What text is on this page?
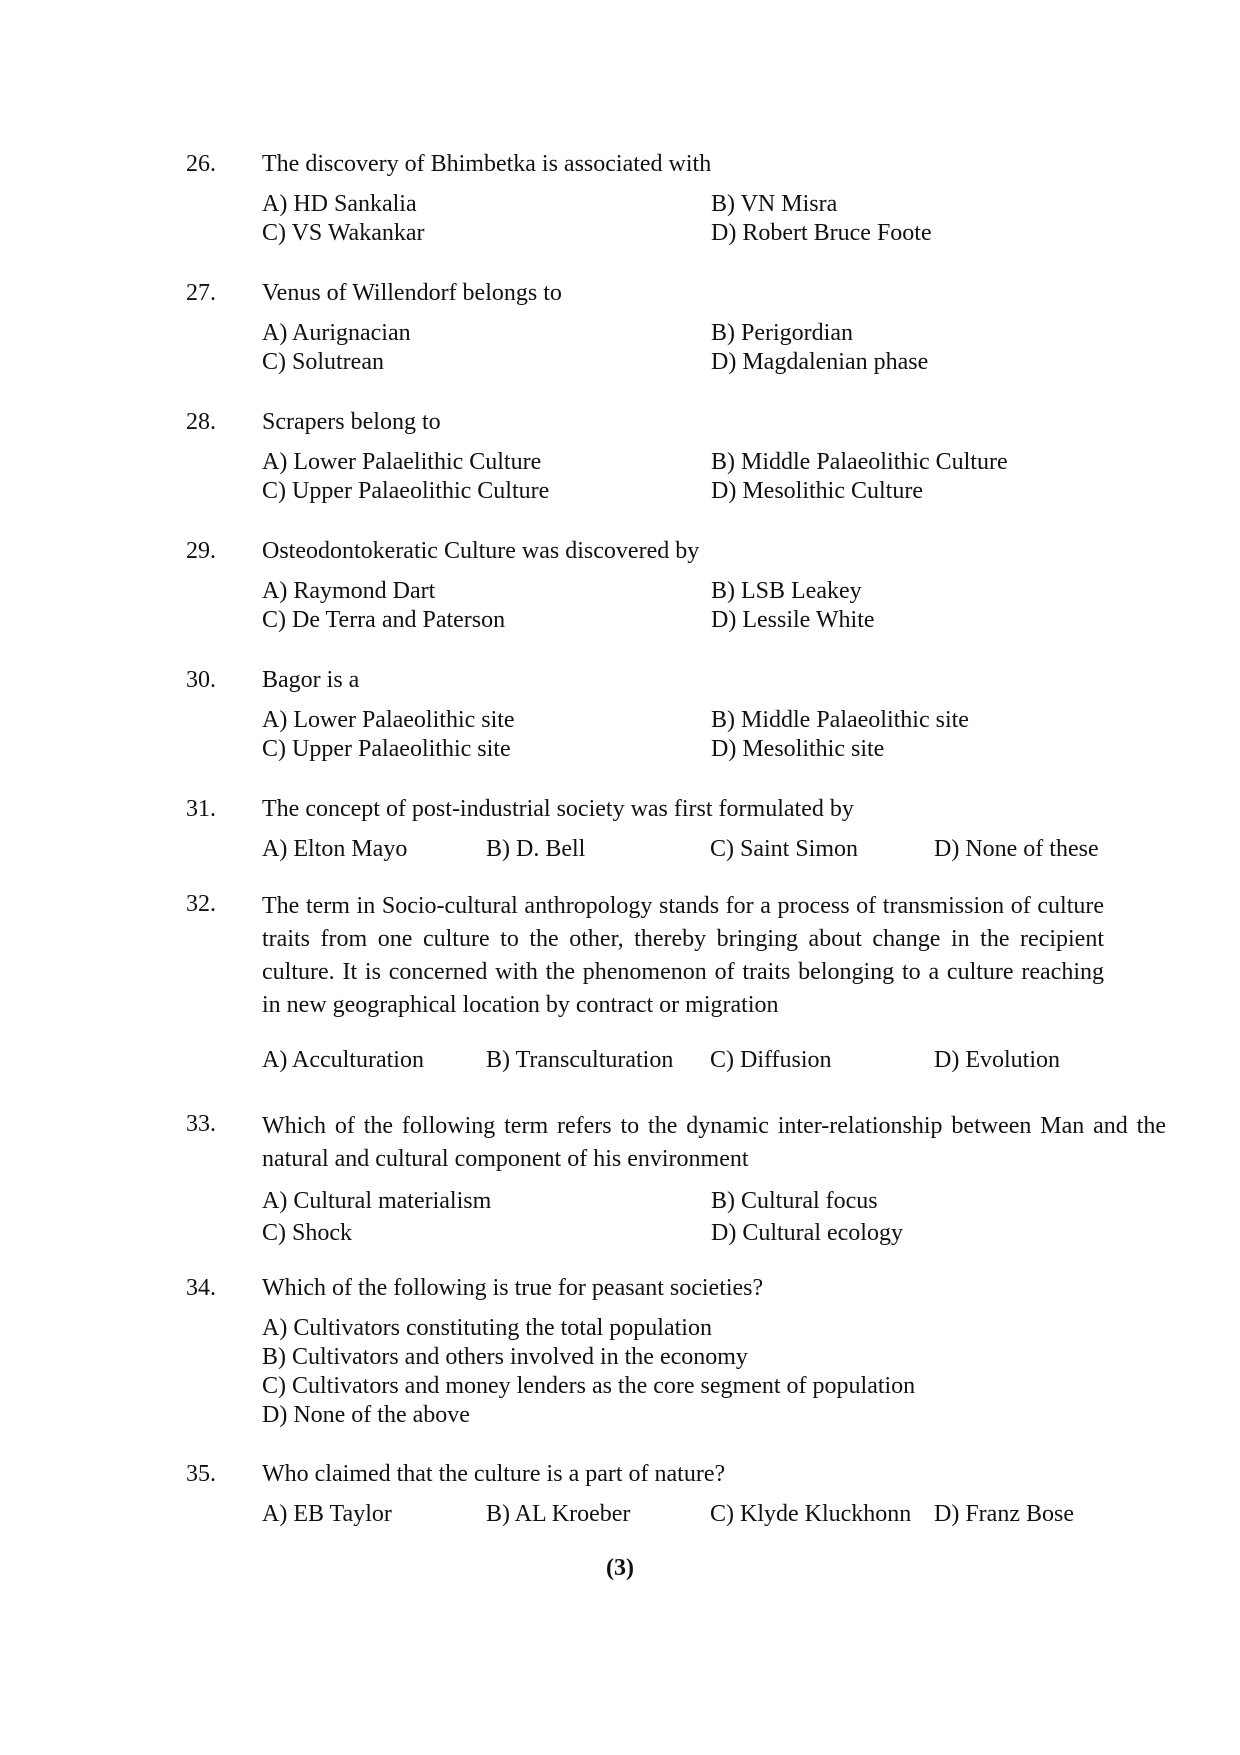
26.	The discovery of Bhimbetka is associated with
A) HD Sankalia	B) VN Misra
C) VS Wakankar	D) Robert Bruce Foote
27.	Venus of Willendorf belongs to
A) Aurignacian	B) Perigordian
C) Solutrean	D) Magdalenian phase
28.	Scrapers belong to
A) Lower Palaelithic Culture	B) Middle Palaeolithic Culture
C) Upper Palaeolithic Culture	D) Mesolithic Culture
29.	Osteodontokeratic Culture was discovered by
A) Raymond Dart	B) LSB Leakey
C) De Terra and Paterson	D) Lessile White
30.	Bagor is a
A) Lower Palaeolithic site	B) Middle Palaeolithic site
C) Upper Palaeolithic site	D) Mesolithic site
31.	The concept of post-industrial society was first formulated by
A) Elton Mayo	B) D. Bell	C) Saint Simon	D) None of these
32.	The term in Socio-cultural anthropology stands for a process of transmission of culture traits from one culture to the other, thereby bringing about change in the recipient culture. It is concerned with the phenomenon of traits belonging to a culture reaching in new geographical location by contract or migration
A) Acculturation	B) Transculturation	C) Diffusion	D) Evolution
33.	Which of the following term refers to the dynamic inter-relationship between Man and the natural and cultural component of his environment
A) Cultural materialism	B) Cultural focus
C) Shock	D) Cultural ecology
34.	Which of the following is true for peasant societies?
A) Cultivators constituting the total population
B) Cultivators and others involved in the economy
C) Cultivators and money lenders as the core segment of population
D) None of the above
35.	Who claimed that the culture is a part of nature?
A) EB Taylor	B) AL Kroeber	C) Klyde Kluckhonn D) Franz Bose
(3)
